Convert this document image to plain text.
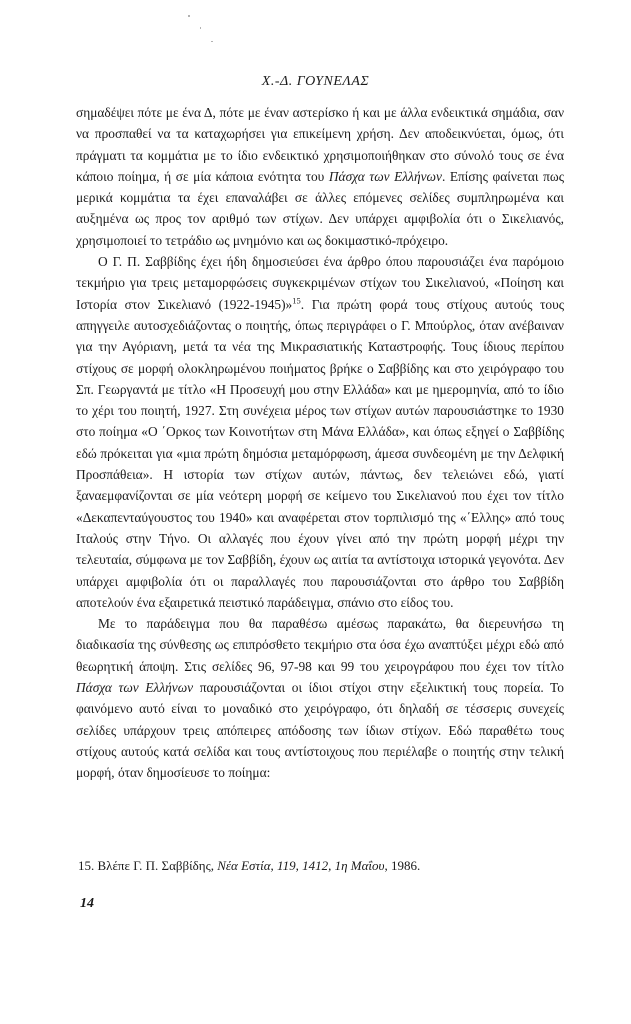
Χ.-Δ. ΓΟΥΝΕΛΑΣ

σημαδέψει πότε με ένα Δ, πότε με έναν αστερίσκο ή και με άλλα ενδεικτικά σημάδια, σαν να προσπαθεί να τα καταχωρήσει για επικείμενη χρήση. Δεν αποδεικνύεται, όμως, ότι πράγματι τα κομμάτια με το ίδιο ενδεικτικό χρησιμοποιήθηκαν στο σύνολό τους σε ένα κάποιο ποίημα, ή σε μία κάποια ενότητα του Πάσχα των Ελλήνων. Επίσης φαίνεται πως μερικά κομμάτια τα έχει επαναλάβει σε άλλες επόμενες σελίδες συμπληρωμένα και αυξημένα ως προς τον αριθμό των στίχων. Δεν υπάρχει αμφιβολία ότι ο Σικελιανός, χρησιμοποιεί το τετράδιο ως μνημόνιο και ως δοκιμαστικό-πρόχειρο.

Ο Γ. Π. Σαββίδης έχει ήδη δημοσιεύσει ένα άρθρο όπου παρουσιάζει ένα παρόμοιο τεκμήριο για τρεις μεταμορφώσεις συγκεκριμένων στίχων του Σικελιανού, «Ποίηση και Ιστορία στον Σικελιανό (1922-1945)»$^{15}$. Για πρώτη φορά τους στίχους αυτούς τους απηγγειλε αυτοσχεδιάζοντας ο ποιητής, όπως περιγράφει ο Γ. Μπούρλος, όταν ανέβαιναν για την Αγόριανη, μετά τα νέα της Μικρασιατικής Καταστροφής. Τους ίδιους περίπου στίχους σε μορφή ολοκληρωμένου ποιήματος βρήκε ο Σαββίδης και στο χειρόγραφο του Σπ. Γεωργαντά με τίτλο «Η Προσευχή μου στην Ελλάδα» και με ημερομηνία, από το ίδιο το χέρι του ποιητή, 1927. Στη συνέχεια μέρος των στίχων αυτών παρουσιάστηκε το 1930 στο ποίημα «Ο ΄Ορκος των Κοινοτήτων στη Μάνα Ελλάδα», και όπως εξηγεί ο Σαββίδης εδώ πρόκειται για «μια πρώτη δημόσια μεταμόρφωση, άμεσα συνδεομένη με την Δελφική Προσπάθεια». Η ιστορία των στίχων αυτών, πάντως, δεν τελειώνει εδώ, γιατί ξαναεμφανίζονται σε μία νεότερη μορφή σε κείμενο του Σικελιανού που έχει τον τίτλο «Δεκαπενταύγουστος του 1940» και αναφέρεται στον τορπιλισμό της «΄Ελλης» από τους Ιταλούς στην Τήνο. Οι αλλαγές που έχουν γίνει από την πρώτη μορφή μέχρι την τελευταία, σύμφωνα με τον Σαββίδη, έχουν ως αιτία τα αντίστοιχα ιστορικά γεγονότα. Δεν υπάρχει αμφιβολία ότι οι παραλλαγές που παρουσιάζονται στο άρθρο του Σαββίδη αποτελούν ένα εξαιρετικά πειστικό παράδειγμα, σπάνιο στο είδος του.

Με το παράδειγμα που θα παραθέσω αμέσως παρακάτω, θα διερευνήσω τη διαδικασία της σύνθεσης ως επιπρόσθετο τεκμήριο στα όσα έχω αναπτύξει μέχρι εδώ από θεωρητική άποψη. Στις σελίδες 96, 97-98 και 99 του χειρογράφου που έχει τον τίτλο Πάσχα των Ελλήνων παρουσιάζονται οι ίδιοι στίχοι στην εξελικτική τους πορεία. Το φαινόμενο αυτό είναι το μοναδικό στο χειρόγραφο, ότι δηλαδή σε τέσσερις συνεχείς σελίδες υπάρχουν τρεις απόπειρες απόδοσης των ίδιων στίχων. Εδώ παραθέτω τους στίχους αυτούς κατά σελίδα και τους αντίστοιχους που περιέλαβε ο ποιητής στην τελική μορφή, όταν δημοσίευσε το ποίημα:

15. Βλέπε Γ. Π. Σαββίδης, Νέα Εστία, 119, 1412, 1η Μαΐου, 1986.
14
